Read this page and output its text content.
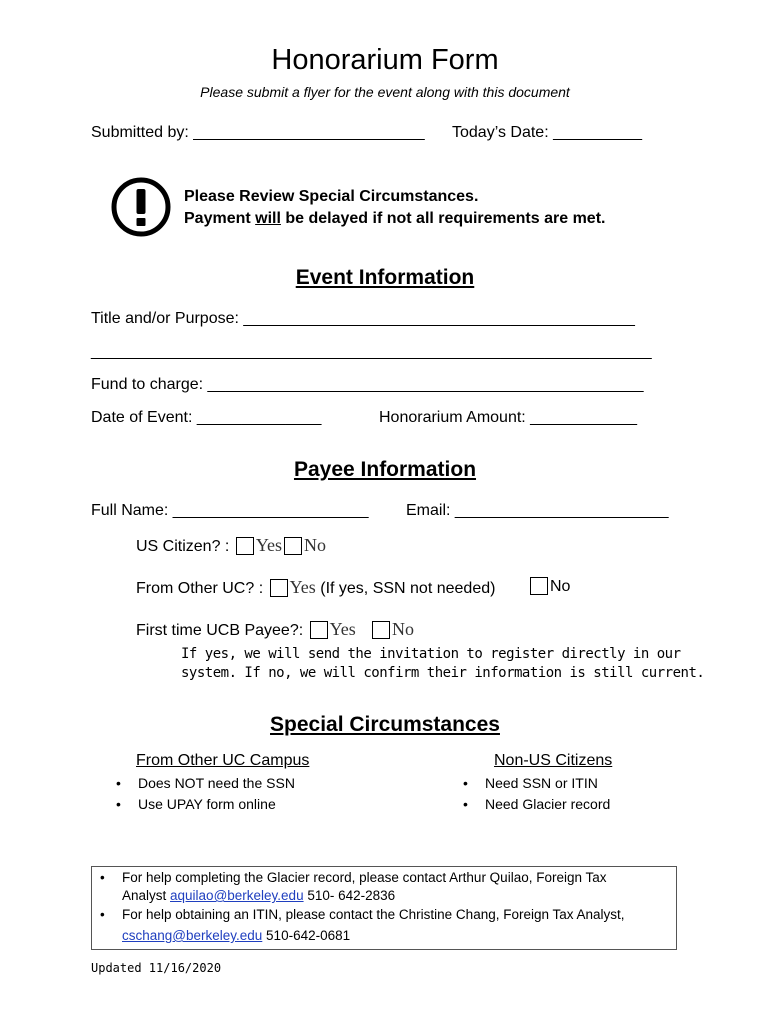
Honorarium Form
Please submit a flyer for the event along with this document
Submitted by: __________________________ Today’s Date: __________
Please Review Special Circumstances.
Payment will be delayed if not all requirements are met.
Event Information
Title and/or Purpose: ____________________________________________
_______________________________________________________________
Fund to charge: _________________________________________________
Date of Event: ______________	Honorarium Amount: ____________
Payee Information
Full Name: ______________________ Email: ________________________
US Citizen? : Yes No
From Other UC? : Yes (If yes, SSN not needed)	No
First time UCB Payee?: Yes	No
If yes, we will send the invitation to register directly in our
system. If no, we will confirm their information is still current.
Special Circumstances
From Other UC Campus
• Does NOT need the SSN
• Use UPAY form online
Non-US Citizens
• Need SSN or ITIN
• Need Glacier record
• For help completing the Glacier record, please contact Arthur Quilao, Foreign Tax
Analyst aquilao@berkeley.edu 510- 642-2836
• For help obtaining an ITIN, please contact the Christine Chang, Foreign Tax Analyst,
cschang@berkeley.edu 510-642-0681
Updated 11/16/2020
